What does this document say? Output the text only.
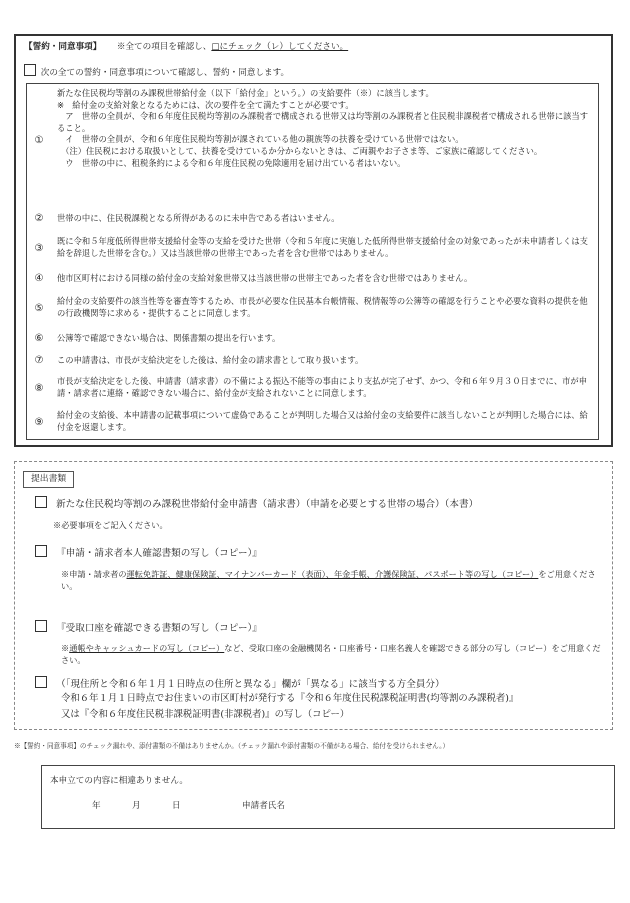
【誓約・同意事項】 ※全ての項目を確認し、□にチェック（レ）してください。
次の全ての誓約・同意事項について確認し、誓約・同意します。
①
新たな住民税均等割のみ課税世帯給付金（以下「給付金」という。）の支給要件（※）に該当します。
※　給付金の支給対象となるためには、次の要件を全て満たすことが必要です。
　ア　世帯の全員が、令和６年度住民税均等割のみ課税者で構成される世帯又は均等割のみ課税者と住民税非課税者で構成される世帯に該当すること。
　イ　世帯の全員が、令和６年度住民税均等割が課されている他の親族等の扶養を受けている世帯ではない。
　（注）住民税における取扱いとして、扶養を受けているか分からないときは、ご両親やお子さま等、ご家族に確認してください。
　ウ　世帯の中に、租税条約による令和６年度住民税の免除適用を届け出ている者はいない。
②	世帯の中に、住民税課税となる所得があるのに未申告である者はいません。
③
既に令和５年度低所得世帯支援給付金等の支給を受けた世帯（令和５年度に実施した低所得世帯支援給付金の対象であったが未申請者しくは支給を辞退した世帯を含む。）又は当該世帯の世帯主であった者を含む世帯ではありません。
④	他市区町村における同様の給付金の支給対象世帯又は当該世帯の世帯主であった者を含む世帯ではありません。
⑤
給付金の支給要件の該当性等を審査等するため、市長が必要な住民基本台帳情報、税情報等の公簿等の確認を行うことや必要な資料の提供を他の行政機関等に求める・提供することに同意します。
⑥	公簿等で確認できない場合は、関係書類の提出を行います。
⑦	この申請書は、市長が支給決定をした後は、給付金の請求書として取り扱います。
⑧
市長が支給決定をした後、申請書（請求書）の不備による振込不能等の事由により支払が完了せず、かつ、令和６年９月３０日までに、市が申請・請求者に連絡・確認できない場合に、給付金が支給されないことに同意します。
⑨
給付金の支給後、本申請書の記載事項について虚偽であることが判明した場合又は給付金の支給要件に該当しないことが判明した場合には、給付金を返還します。
提出書類
新たな住民税均等割のみ課税世帯給付金申請書（請求書）（申請を必要とする世帯の場合）（本書）
※必要事項をご記入ください。
『申請・請求者本人確認書類の写し（コピー）』
※申請・請求者の運転免許証、健康保険証、マイナンバーカード（表面）、年金手帳、介護保険証、パスポート等の写し（コピー）をご用意ください。
『受取口座を確認できる書類の写し（コピー）』
※通帳やキャッシュカードの写し（コピー）など、受取口座の金融機関名・口座番号・口座名義人を確認できる部分の写し（コピー）をご用意ください。
（「現住所と令和６年１月１日時点の住所と異なる」欄が「異なる」に該当する方全員分）
令和６年１月１日時点でお住まいの市区町村が発行する『令和６年度住民税課税証明書(均等割のみ課税者)』
又は『令和６年度住民税非課税証明書(非課税者)』の写し（コピー）
※【誓約・同意事項】のチェック漏れや、添付書類の不備はありませんか。（チェック漏れや添付書類の不備がある場合、給付を受けられません。）
本申立ての内容に相違ありません。
年	月	日	申請者氏名
